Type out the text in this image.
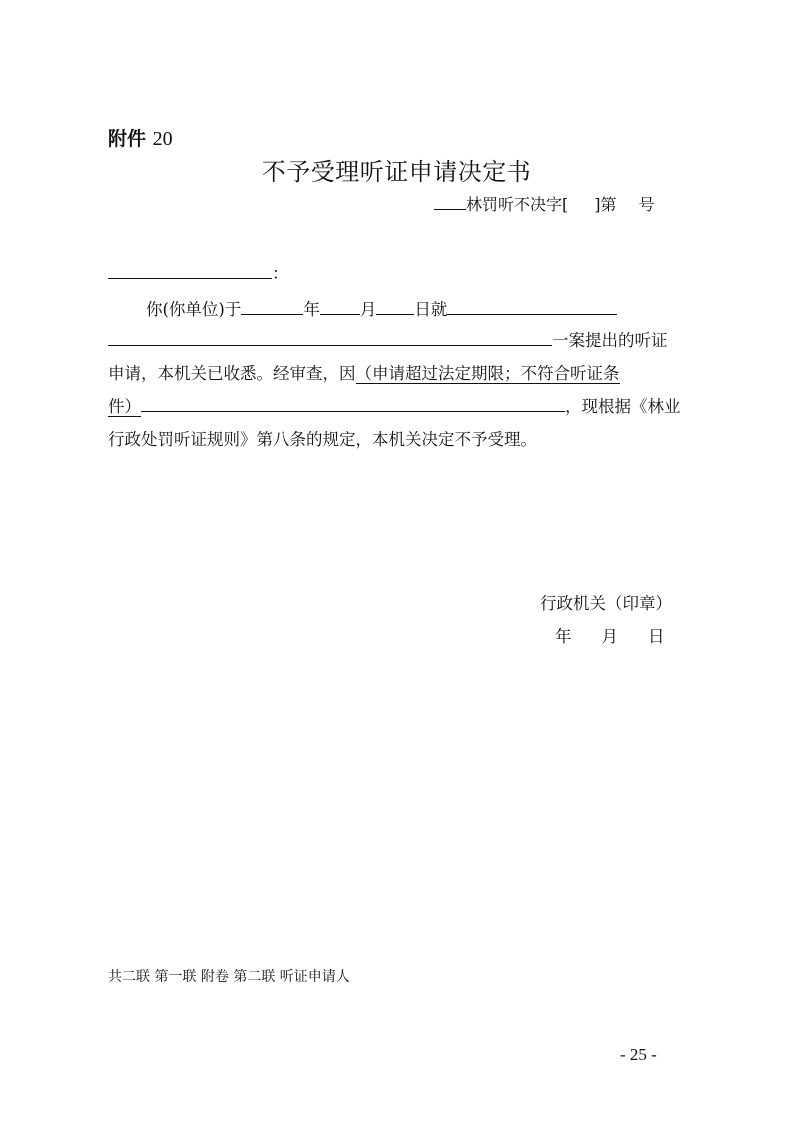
附件 20
不予受理听证申请决定书
林罚听不决字[ ]第 号
：
你(你单位)于	年 月 日就
一案提出的听证
申请，本机关已收悉。经审查，因（申请超过法定期限；不符合听证条
件）	，现根据《林业
行政处罚听证规则》第八条的规定，本机关决定不予受理。
行政机关（印章）
年 月 日
共二联 第一联 附卷 第二联 听证申请人
- 25 -
